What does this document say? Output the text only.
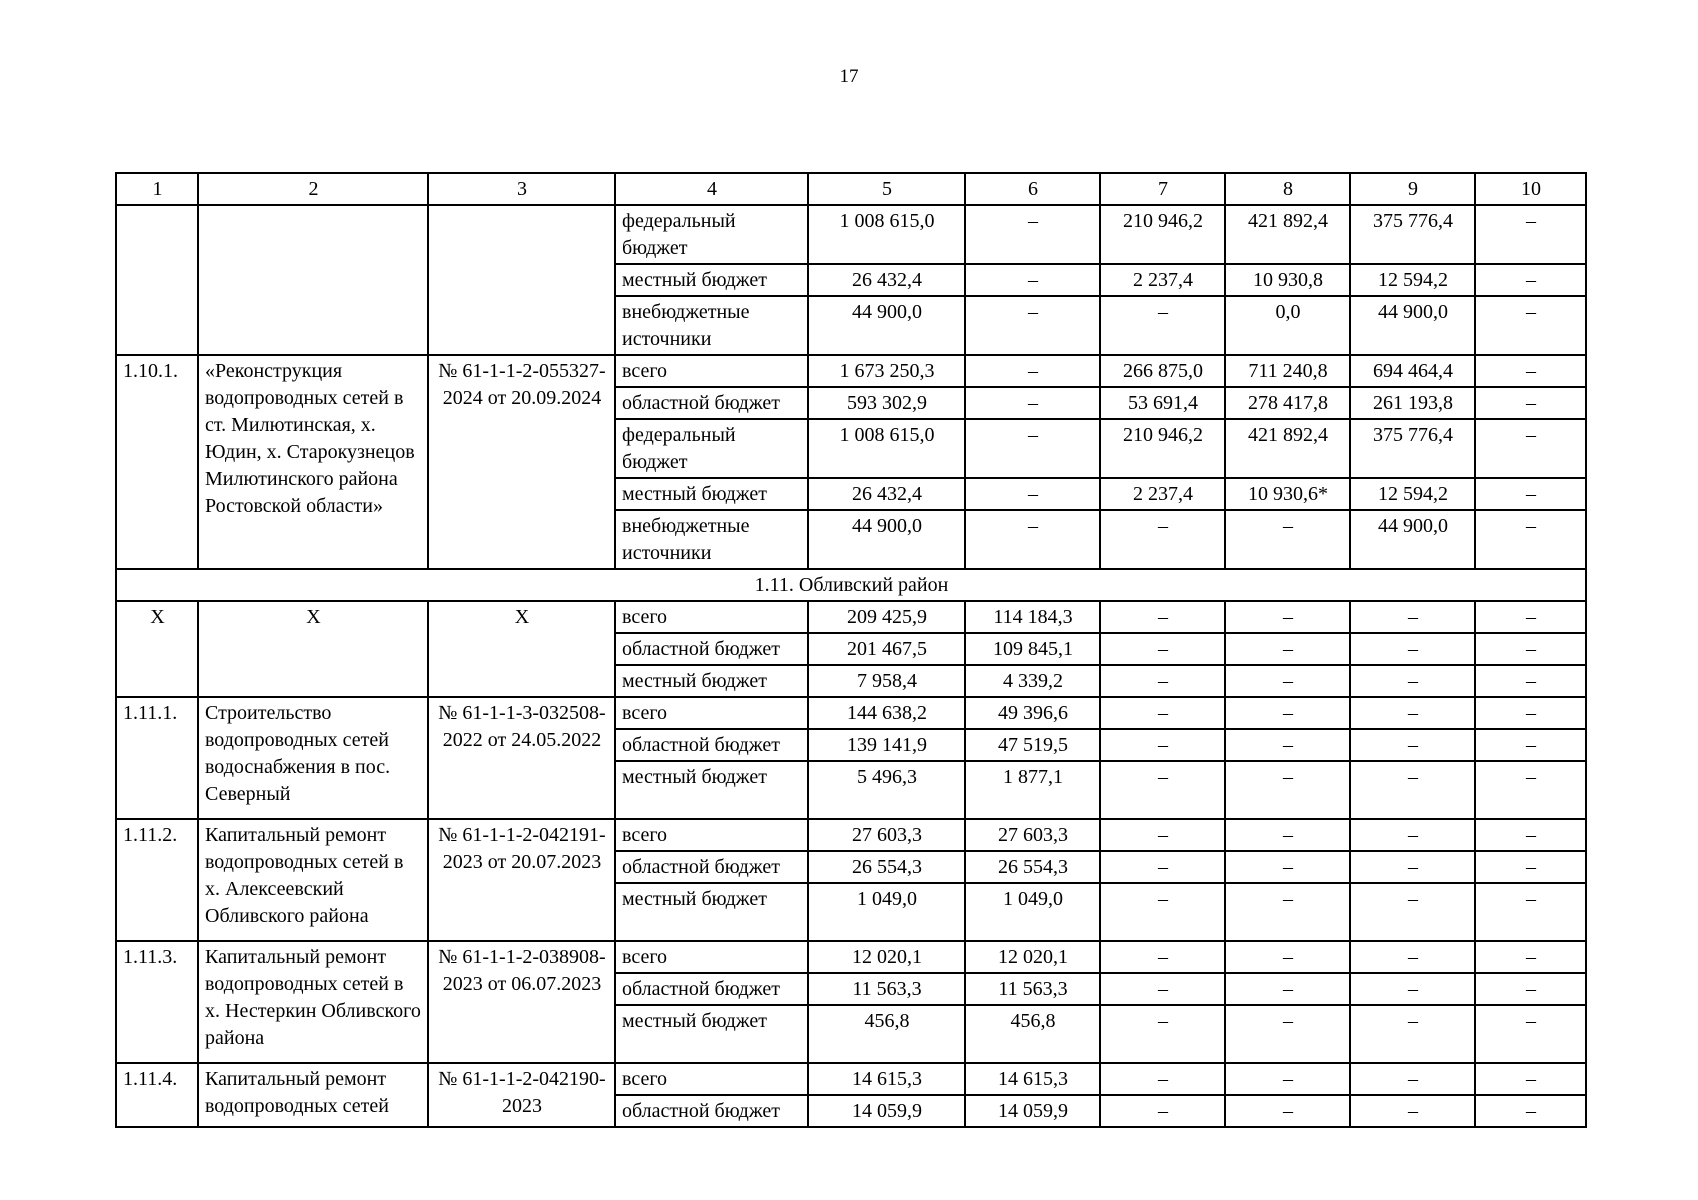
17
1	2	3	4	5	6	7	8	9	10
			федеральный бюджет	1 008 615,0	–	210 946,2	421 892,4	375 776,4	–
			местный бюджет	26 432,4	–	2 237,4	10 930,8	12 594,2	–
			внебюджетные источники	44 900,0	–	–	0,0	44 900,0	–
1.10.1.	«Реконструкция водопроводных сетей в ст. Милютинская, х. Юдин, х. Старокузнецов Милютинского района Ростовской области»	№ 61-1-1-2-055327-2024 от 20.09.2024	всего	1 673 250,3	–	266 875,0	711 240,8	694 464,4	–
			областной бюджет	593 302,9	–	53 691,4	278 417,8	261 193,8	–
			федеральный бюджет	1 008 615,0	–	210 946,2	421 892,4	375 776,4	–
			местный бюджет	26 432,4	–	2 237,4	10 930,6*	12 594,2	–
			внебюджетные источники	44 900,0	–	–	–	44 900,0	–
1.11. Обливский район									
Х	Х	Х	всего	209 425,9	114 184,3	–	–	–	–
			областной бюджет	201 467,5	109 845,1	–	–	–	–
			местный бюджет	7 958,4	4 339,2	–	–	–	–
1.11.1.	Строительство водопроводных сетей водоснабжения в пос. Северный	№ 61-1-1-3-032508-2022 от 24.05.2022	всего	144 638,2	49 396,6	–	–	–	–
			областной бюджет	139 141,9	47 519,5	–	–	–	–
			местный бюджет	5 496,3	1 877,1	–	–	–	–
1.11.2.	Капитальный ремонт водопроводных сетей в х. Алексеевский Обливского района	№ 61-1-1-2-042191-2023 от 20.07.2023	всего	27 603,3	27 603,3	–	–	–	–
			областной бюджет	26 554,3	26 554,3	–	–	–	–
			местный бюджет	1 049,0	1 049,0	–	–	–	–
1.11.3.	Капитальный ремонт водопроводных сетей в х. Нестеркин Обливского района	№ 61-1-1-2-038908-2023 от 06.07.2023	всего	12 020,1	12 020,1	–	–	–	–
			областной бюджет	11 563,3	11 563,3	–	–	–	–
			местный бюджет	456,8	456,8	–	–	–	–
1.11.4.	Капитальный ремонт водопроводных сетей	№ 61-1-1-2-042190-2023	всего	14 615,3	14 615,3	–	–	–	–
			областной бюджет	14 059,9	14 059,9	–	–	–	–
